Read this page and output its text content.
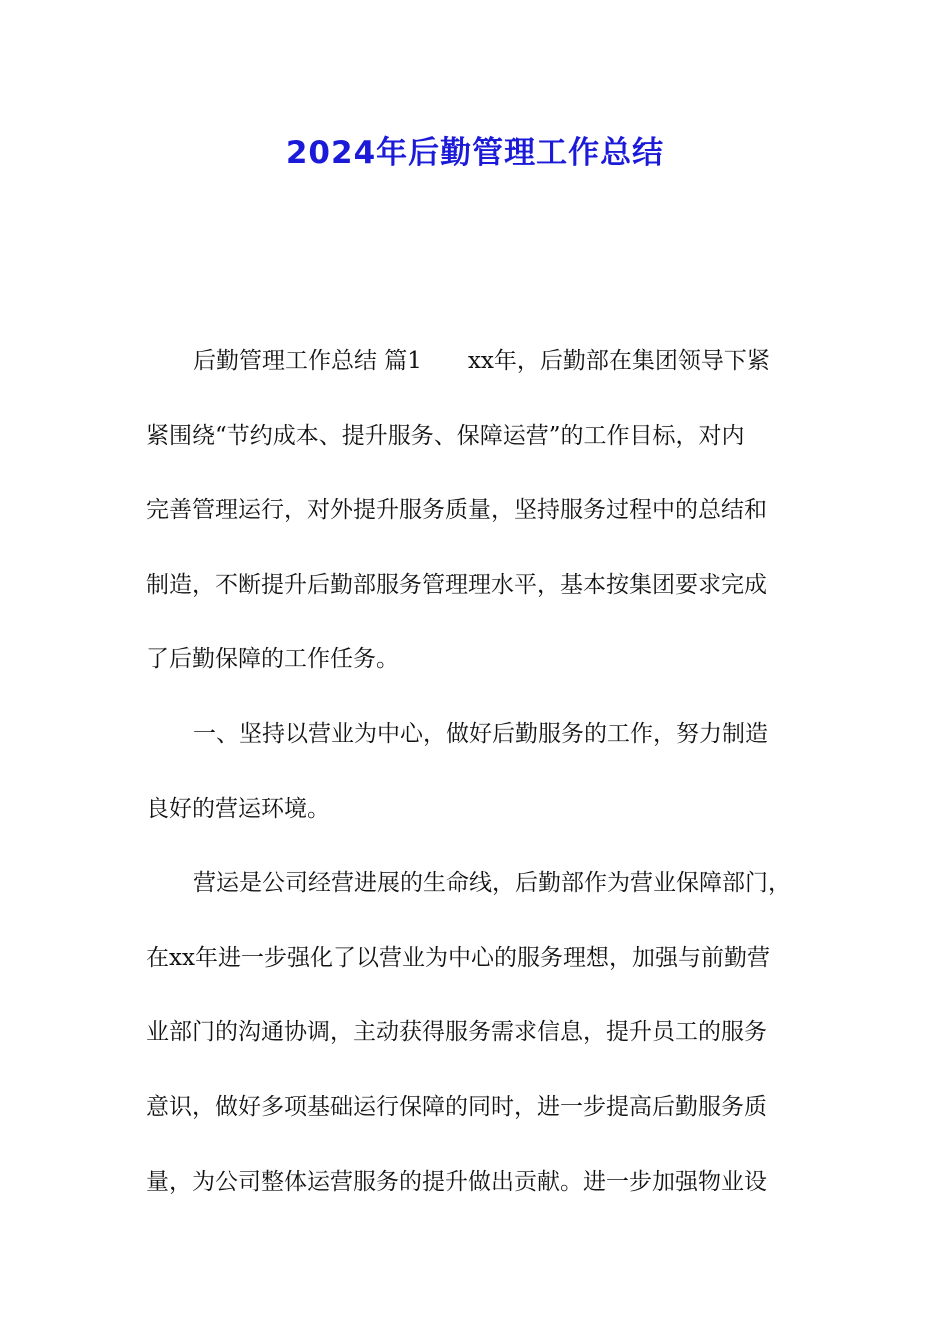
2024年后勤管理工作总结
后勤管理工作总结 篇1 xx年，后勤部在集团领导下紧
紧围绕“节约成本、提升服务、保障运营”的工作目标，对内
完善管理运行，对外提升服务质量，坚持服务过程中的总结和
制造，不断提升后勤部服务管理理水平，基本按集团要求完成
了后勤保障的工作任务。
一、坚持以营业为中心，做好后勤服务的工作，努力制造
良好的营运环境。
营运是公司经营进展的生命线，后勤部作为营业保障部门，
在xx年进一步强化了以营业为中心的服务理想，加强与前勤营
业部门的沟通协调，主动获得服务需求信息，提升员工的服务
意识，做好多项基础运行保障的同时，进一步提高后勤服务质
量，为公司整体运营服务的提升做出贡献。进一步加强物业设
